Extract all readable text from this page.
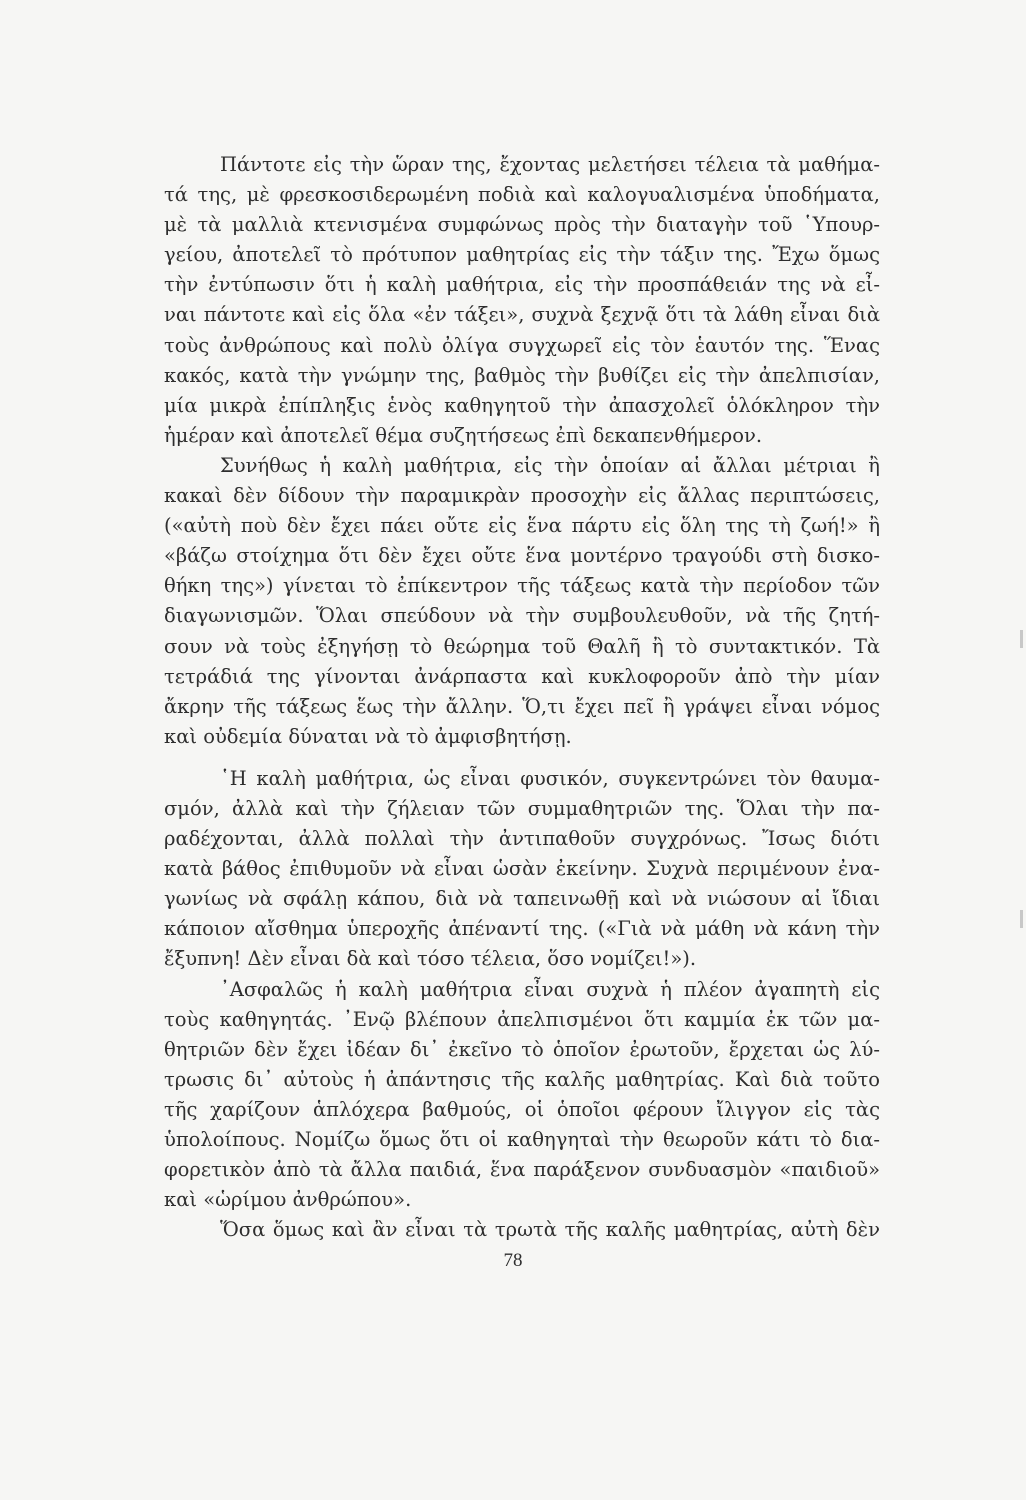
Πάντοτε εἰς τὴν ὥραν της, ἔχοντας μελετήσει τέλεια τὰ μαθήμα-
τά της, μὲ φρεσκοσιδερωμένη ποδιὰ καὶ καλογυαλισμένα ὑποδήματα,
μὲ τὰ μαλλιὰ κτενισμένα συμφώνως πρὸς τὴν διαταγὴν τοῦ ῾Υπουρ-
γείου, ἀποτελεῖ τὸ πρότυπον μαθητρίας εἰς τὴν τάξιν της. Ἔχω ὅμως
τὴν ἐντύπωσιν ὅτι ἡ καλὴ μαθήτρια, εἰς τὴν προσπάθειάν της νὰ εἶ-
ναι πάντοτε καὶ εἰς ὅλα «ἐν τάξει», συχνὰ ξεχνᾷ ὅτι τὰ λάθη εἶναι διὰ
τοὺς ἀνθρώπους καὶ πολὺ ὀλίγα συγχωρεῖ εἰς τὸν ἑαυτόν της. Ἕνας
κακός, κατὰ τὴν γνώμην της, βαθμὸς τὴν βυθίζει εἰς τὴν ἀπελπισίαν,
μία μικρὰ ἐπίπληξις ἑνὸς καθηγητοῦ τὴν ἀπασχολεῖ ὁλόκληρον τὴν
ἡμέραν καὶ ἀποτελεῖ θέμα συζητήσεως ἐπὶ δεκαπενθήμερον.
Συνήθως ἡ καλὴ μαθήτρια, εἰς τὴν ὁποίαν αἱ ἄλλαι μέτριαι ἢ
κακαὶ δὲν δίδουν τὴν παραμικρὰν προσοχὴν εἰς ἄλλας περιπτώσεις,
(«αὐτὴ ποὺ δὲν ἔχει πάει οὔτε εἰς ἕνα πάρτυ εἰς ὅλη της τὴ ζωή!» ἢ
«βάζω στοίχημα ὅτι δὲν ἔχει οὔτε ἕνα μοντέρνο τραγούδι στὴ δισκο-
θήκη της») γίνεται τὸ ἐπίκεντρον τῆς τάξεως κατὰ τὴν περίοδον τῶν
διαγωνισμῶν. Ὅλαι σπεύδουν νὰ τὴν συμβουλευθοῦν, νὰ τῆς ζητή-
σουν νὰ τοὺς ἐξηγήσῃ τὸ θεώρημα τοῦ Θαλῆ ἢ τὸ συντακτικόν. Τὰ
τετράδιά της γίνονται ἀνάρπαστα καὶ κυκλοφοροῦν ἀπὸ τὴν μίαν
ἄκρην τῆς τάξεως ἕως τὴν ἄλλην. Ὅ,τι ἔχει πεῖ ἢ γράψει εἶναι νόμος
καὶ οὐδεμία δύναται νὰ τὸ ἀμφισβητήσῃ.
῾Η καλὴ μαθήτρια, ὡς εἶναι φυσικόν, συγκεντρώνει τὸν θαυμα-
σμόν, ἀλλὰ καὶ τὴν ζήλειαν τῶν συμμαθητριῶν της. Ὅλαι τὴν πα-
ραδέχονται, ἀλλὰ πολλαὶ τὴν ἀντιπαθοῦν συγχρόνως. Ἴσως διότι
κατὰ βάθος ἐπιθυμοῦν νὰ εἶναι ὡσὰν ἐκείνην. Συχνὰ περιμένουν ἐνα-
γωνίως νὰ σφάλῃ κάπου, διὰ νὰ ταπεινωθῇ καὶ νὰ νιώσουν αἱ ἴδιαι
κάποιον αἴσθημα ὑπεροχῆς ἀπέναντί της. («Γιὰ νὰ μάθη νὰ κάνη τὴν
ἔξυπνη! Δὲν εἶναι δὰ καὶ τόσο τέλεια, ὅσο νομίζει!»).
᾿Ασφαλῶς ἡ καλὴ μαθήτρια εἶναι συχνὰ ἡ πλέον ἀγαπητὴ εἰς
τοὺς καθηγητάς. ᾿Ενῷ βλέπουν ἀπελπισμένοι ὅτι καμμία ἐκ τῶν μα-
θητριῶν δὲν ἔχει ἰδέαν δι᾿ ἐκεῖνο τὸ ὁποῖον ἐρωτοῦν, ἔρχεται ὡς λύ-
τρωσις δι᾿ αὐτοὺς ἡ ἀπάντησις τῆς καλῆς μαθητρίας. Καὶ διὰ τοῦτο
τῆς χαρίζουν ἁπλόχερα βαθμούς, οἱ ὁποῖοι φέρουν ἴλιγγον εἰς τὰς
ὑπολοίπους. Νομίζω ὅμως ὅτι οἱ καθηγηταὶ τὴν θεωροῦν κάτι τὸ δια-
φορετικὸν ἀπὸ τὰ ἄλλα παιδιά, ἕνα παράξενον συνδυασμὸν «παιδιοῦ»
καὶ «ὡρίμου ἀνθρώπου».
Ὅσα ὅμως καὶ ἂν εἶναι τὰ τρωτὰ τῆς καλῆς μαθητρίας, αὐτὴ δὲν
78
